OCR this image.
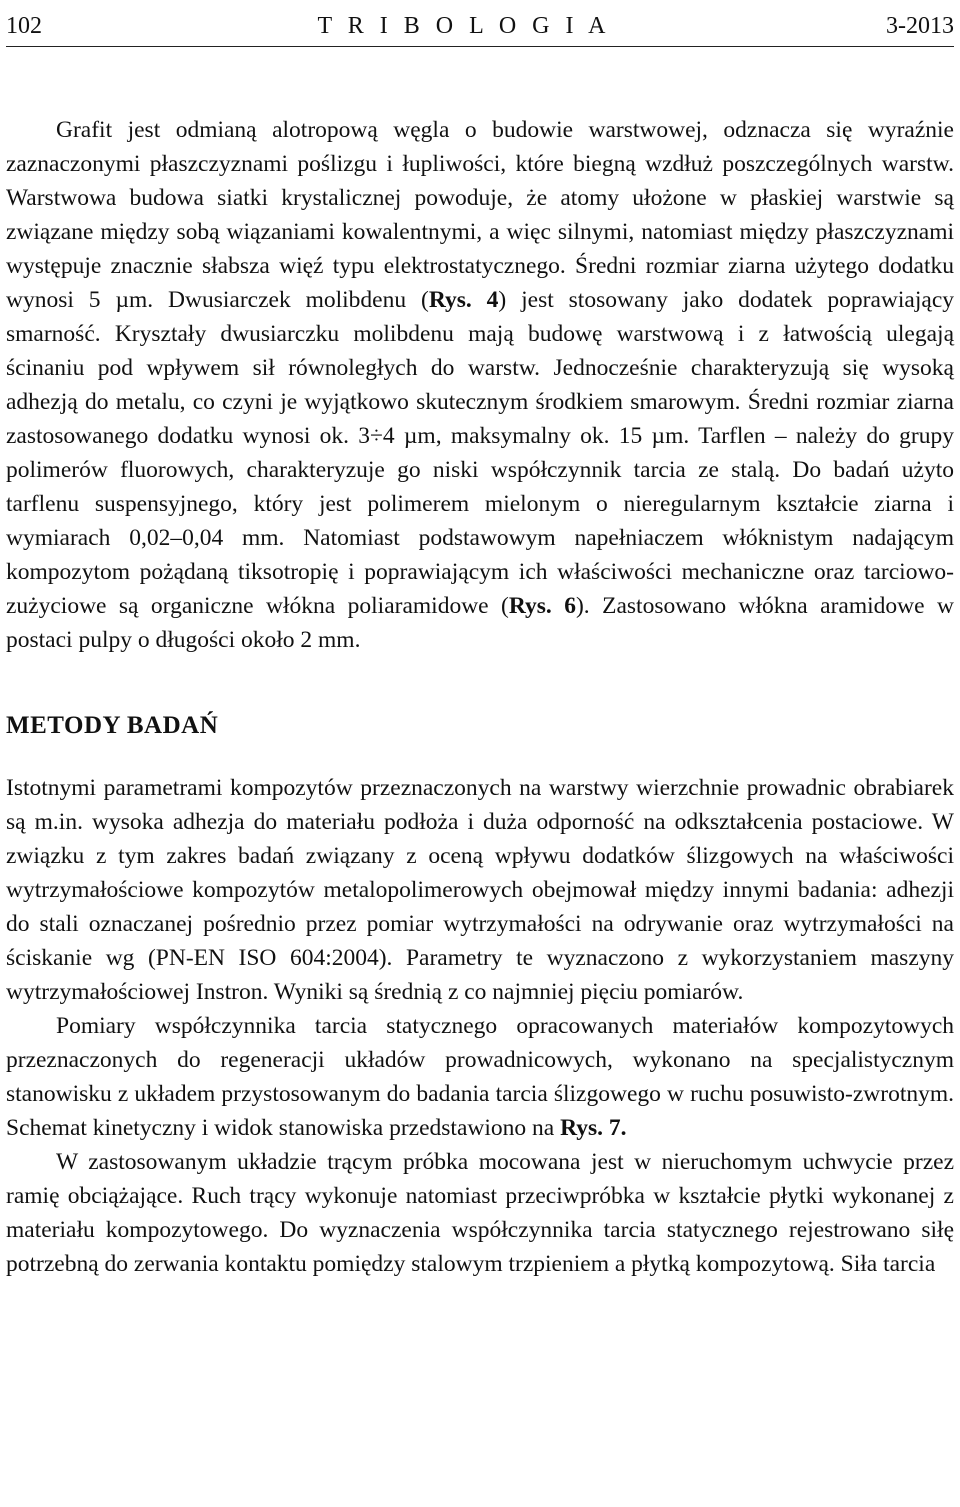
102	T R I B O L O G I A	3-2013

Grafit jest odmianą alotropową węgla o budowie warstwowej, odznacza się wyraźnie zaznaczonymi płaszczyznami poślizgu i łupliwości, które biegną wzdłuż poszczególnych warstw. Warstwowa budowa siatki krystalicznej powoduje, że atomy ułożone w płaskiej warstwie są związane między sobą wiązaniami kowalentnymi, a więc silnymi, natomiast między płaszczyznami występuje znacznie słabsza więź typu elektrostatycznego. Średni rozmiar ziarna użytego dodatku wynosi 5 µm. Dwusiarczek molibdenu (Rys. 4) jest stosowany jako dodatek poprawiający smarność. Kryształy dwusiarczku molibdenu mają budowę warstwową i z łatwością ulegają ścinaniu pod wpływem sił równoległych do warstw. Jednocześnie charakteryzują się wysoką adhezją do metalu, co czyni je wyjątkowo skutecznym środkiem smarowym. Średni rozmiar ziarna zastosowanego dodatku wynosi ok. 3÷4 µm, maksymalny ok. 15 µm. Tarflen – należy do grupy polimerów fluorowych, charakteryzuje go niski współczynnik tarcia ze stalą. Do badań użyto tarflenu suspensyjnego, który jest polimerem mielonym o nieregularnym kształcie ziarna i wymiarach 0,02–0,04 mm. Natomiast podstawowym napełniaczem włóknistym nadającym kompozytom pożądaną tiksotropię i poprawiającym ich właściwości mechaniczne oraz tarciowo-zużyciowe są organiczne włókna poliaramidowe (Rys. 6). Zastosowano włókna aramidowe w postaci pulpy o długości około 2 mm.

METODY BADAŃ

Istotnymi parametrami kompozytów przeznaczonych na warstwy wierzchnie prowadnic obrabiarek są m.in. wysoka adhezja do materiału podłoża i duża odporność na odkształcenia postaciowe. W związku z tym zakres badań związany z oceną wpływu dodatków ślizgowych na właściwości wytrzymałościowe kompozytów metalopolimerowych obejmował między innymi badania: adhezji do stali oznaczanej pośrednio przez pomiar wytrzymałości na odrywanie oraz wytrzymałości na ściskanie wg (PN-EN ISO 604:2004). Parametry te wyznaczono z wykorzystaniem maszyny wytrzymałościowej Instron. Wyniki są średnią z co najmniej pięciu pomiarów.

Pomiary współczynnika tarcia statycznego opracowanych materiałów kompozytowych przeznaczonych do regeneracji układów prowadnicowych, wykonano na specjalistycznym stanowisku z układem przystosowanym do badania tarcia ślizgowego w ruchu posuwisto-zwrotnym. Schemat kinetyczny i widok stanowiska przedstawiono na Rys. 7.

W zastosowanym układzie trącym próbka mocowana jest w nieruchomym uchwycie przez ramię obciążające. Ruch trący wykonuje natomiast przeciwpróbka w kształcie płytki wykonanej z materiału kompozytowego. Do wyznaczenia współczynnika tarcia statycznego rejestrowano siłę potrzebną do zerwania kontaktu pomiędzy stalowym trzpieniem a płytką kompozytową. Siła tarcia
